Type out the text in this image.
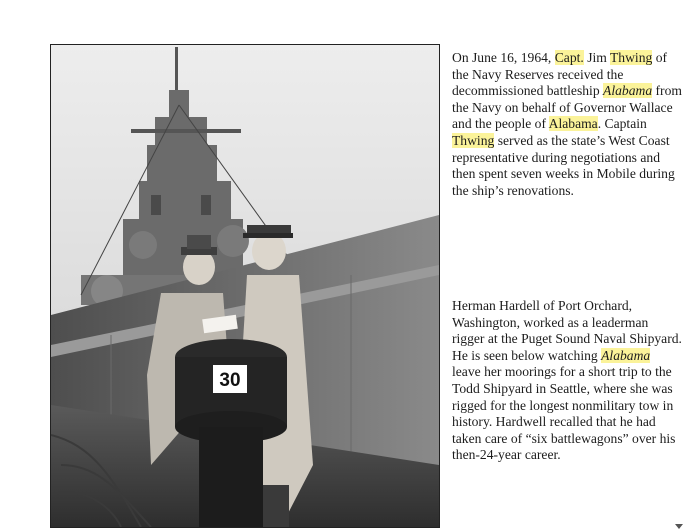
30

On June 16, 1964, Capt. Jim Thwing of the Navy Reserves received the decommissioned battleship Alabama from the Navy on behalf of Governor Wallace and the people of Alabama. Captain Thwing served as the state’s West Coast representative during negotiations and then spent seven weeks in Mobile during the ship’s renovations.

Herman Hardell of Port Orchard, Washington, worked as a leaderman rigger at the Puget Sound Naval Shipyard. He is seen below watching Alabama leave her moorings for a short trip to the Todd Shipyard in Seattle, where she was rigged for the longest nonmilitary tow in history. Hardwell recalled that he had taken care of “six battlewagons” over his then-24-year career.
